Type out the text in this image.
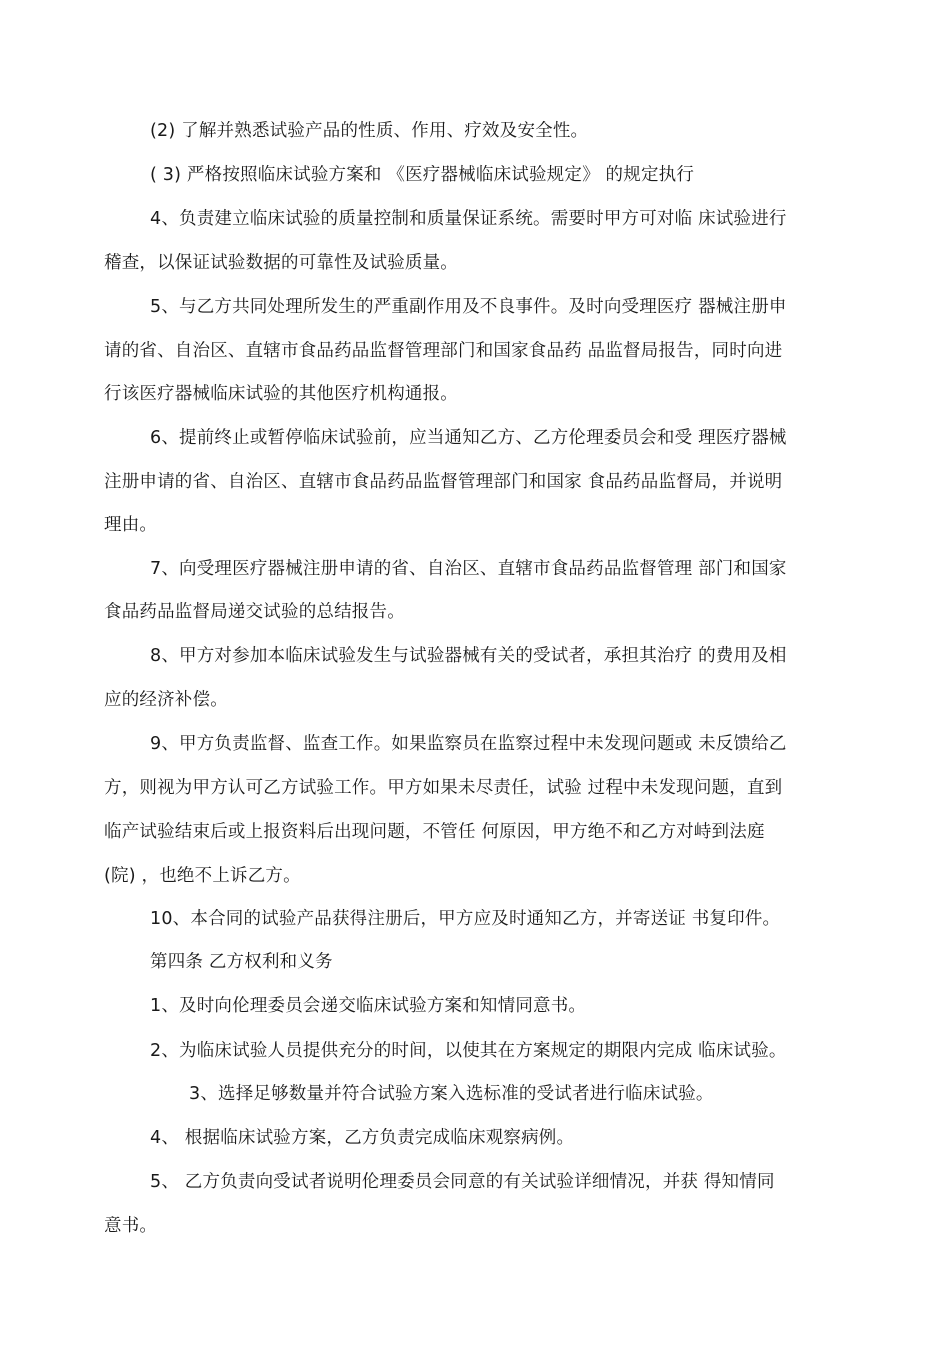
(2) 了解并熟悉试验产品的性质、作用、疗效及安全性。

( 3) 严格按照临床试验方案和 《医疗器械临床试验规定》 的规定执行

4、负责建立临床试验的质量控制和质量保证系统。需要时甲方可对临 床试验进行

稽查，以保证试验数据的可靠性及试验质量。

5、与乙方共同处理所发生的严重副作用及不良事件。及时向受理医疗 器械注册申

请的省、自治区、直辖市食品药品监督管理部门和国家食品药 品监督局报告，同时向进

行该医疗器械临床试验的其他医疗机构通报。

6、提前终止或暂停临床试验前，应当通知乙方、乙方伦理委员会和受 理医疗器械

注册申请的省、自治区、直辖市食品药品监督管理部门和国家 食品药品监督局，并说明

理由。

7、向受理医疗器械注册申请的省、自治区、直辖市食品药品监督管理 部门和国家

食品药品监督局递交试验的总结报告。

8、甲方对参加本临床试验发生与试验器械有关的受试者，承担其治疗 的费用及相

应的经济补偿。

9、甲方负责监督、监查工作。如果监察员在监察过程中未发现问题或 未反馈给乙

方，则视为甲方认可乙方试验工作。甲方如果未尽责任，试验 过程中未发现问题，直到

临产试验结束后或上报资料后出现问题，不管任 何原因，甲方绝不和乙方对峙到法庭

(院) ，也绝不上诉乙方。

10、本合同的试验产品获得注册后，甲方应及时通知乙方，并寄送证 书复印件。

第四条 乙方权利和义务

1、及时向伦理委员会递交临床试验方案和知情同意书。

2、为临床试验人员提供充分的时间，以使其在方案规定的期限内完成 临床试验。

3、选择足够数量并符合试验方案入选标准的受试者进行临床试验。

4、 根据临床试验方案，乙方负责完成临床观察病例。

5、 乙方负责向受试者说明伦理委员会同意的有关试验详细情况，并获 得知情同

意书。
